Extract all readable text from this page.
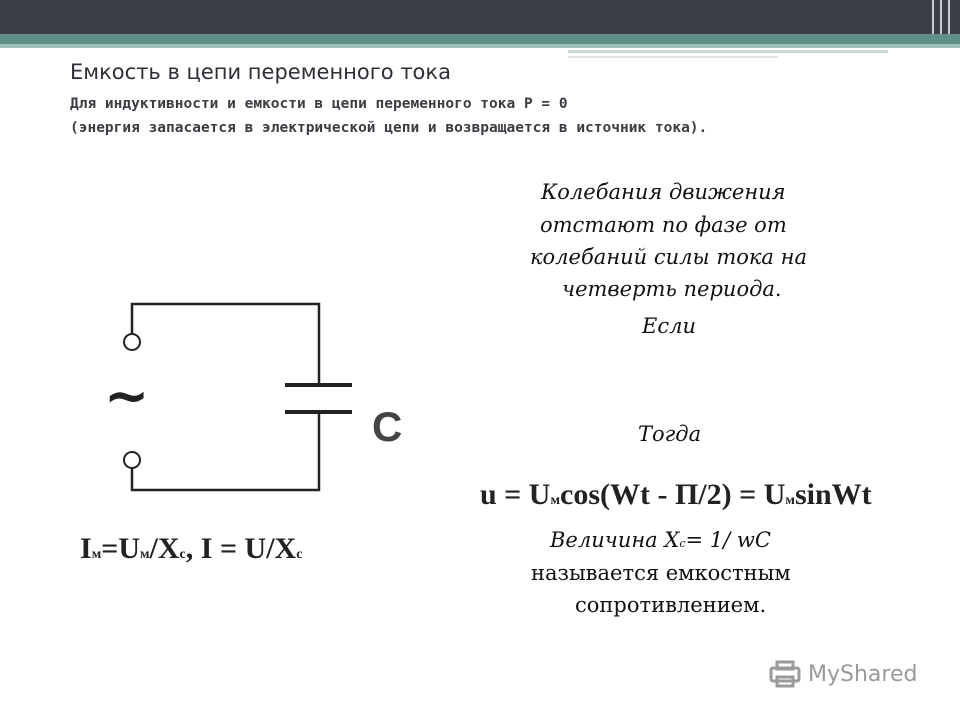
Емкость в цепи переменного тока
Для индуктивности и емкости в цепи переменного тока P = 0
(энергия запасается в электрической цепи и возвращается в источник тока).
~	C
Iм=Uм/Xc, I = U/Xc
Колебания движения
отстают по фазе от
колебаний силы тока на
четверть периода.
Если
Тогда
u = Uмcos(Wt - П/2) = UмsinWt
Величина Xc= 1/ wC
называется емкостным
сопротивлением.
MyShared
